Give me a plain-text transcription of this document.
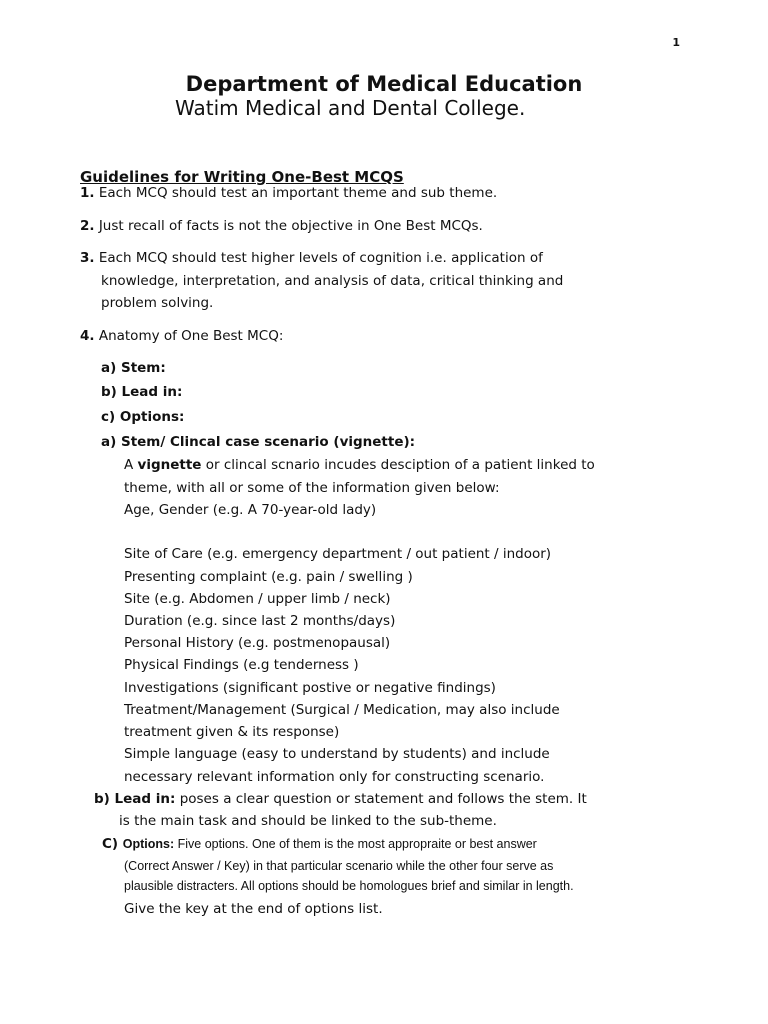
1
Department of Medical Education
Watim Medical and Dental College.
Guidelines for Writing One-Best MCQS
1. Each MCQ should test an important theme and sub theme.
2. Just recall of facts is not the objective in One Best MCQs.
3. Each MCQ should test higher levels of cognition i.e. application of
knowledge, interpretation, and analysis of data, critical thinking and
problem solving.
4. Anatomy of One Best MCQ:
a) Stem:
b) Lead in:
c) Options:
a) Stem/ Clincal case scenario (vignette):
A vignette or clincal scnario incudes desciption of a patient linked to
theme, with all or some of the information given below:
Age, Gender (e.g. A 70-year-old lady)
Site of Care (e.g. emergency department / out patient / indoor)
Presenting complaint (e.g. pain / swelling )
Site (e.g. Abdomen / upper limb / neck)
Duration (e.g. since last 2 months/days)
Personal History (e.g. postmenopausal)
Physical Findings (e.g tenderness )
Investigations (significant postive or negative findings)
Treatment/Management (Surgical / Medication, may also include
treatment given & its response)
Simple language (easy to understand by students) and include
necessary relevant information only for constructing scenario.
b) Lead in: poses a clear question or statement and follows the stem. It
is the main task and should be linked to the sub-theme.
C) Options: Five options. One of them is the most appropraite or best answer
(Correct Answer / Key) in that particular scenario while the other four serve as
plausible distracters. All options should be homologues brief and similar in length.
Give the key at the end of options list.
